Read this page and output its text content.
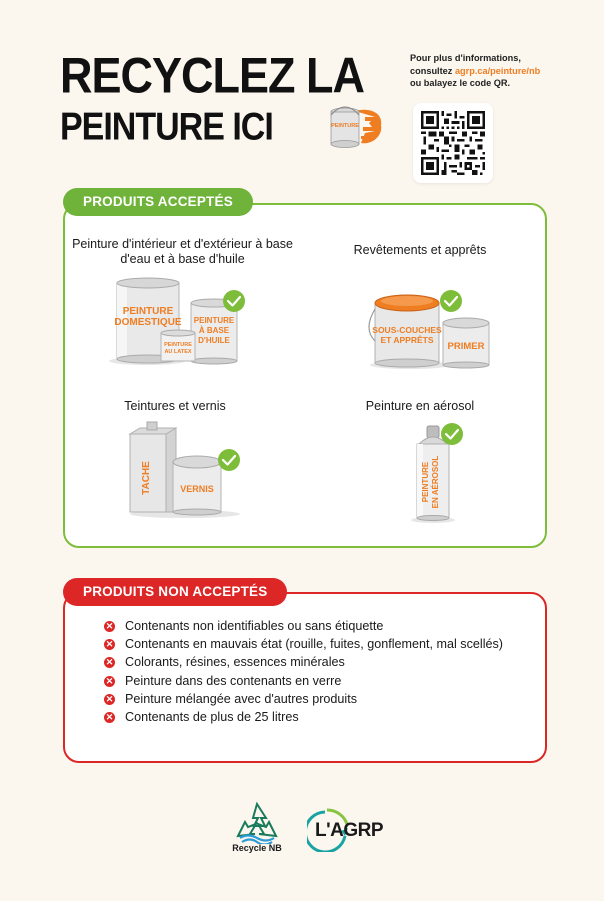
RECYCLEZ LA
PEINTURE ICI	PEINTURE
Pour plus d'informations,
consultez agrp.ca/peinture/nb
ou balayez le code QR.
PRODUITS ACCEPTÉS
Peinture d'intérieur et d'extérieur à base d'eau et à base d'huile
Revêtements et apprêts
Teintures et vernis	Peinture en aérosol
PEINTURE
DOMESTIQUE PEINTURE
À BASE
D'HUILE
PEINTURE
AU LATEX
SOUS-COUCHES
ET APPRÊTS
PRIMER
TACHE	VERNIS	PEINTURE EN AÉROSOL
PRODUITS NON ACCEPTÉS
✕ Contenants non identifiables ou sans étiquette
✕ Contenants en mauvais état (rouille, fuites, gonflement, mal scellés)
✕ Colorants, résines, essences minérales
✕ Peinture dans des contenants en verre
✕ Peinture mélangée avec d'autres produits
✕ Contenants de plus de 25 litres
Recycle NB
L'AGRP
